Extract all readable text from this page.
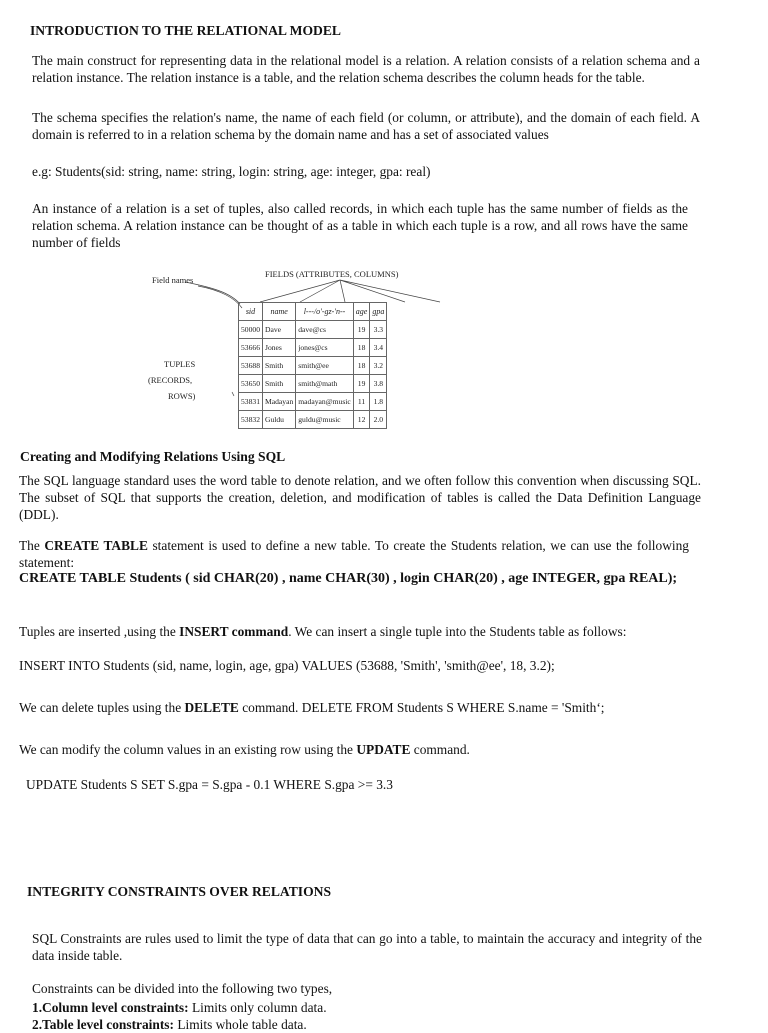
INTRODUCTION TO THE RELATIONAL MODEL
The main construct for representing data in the relational model is a relation. A relation consists of a relation schema and a relation instance. The relation instance is a table, and the relation schema describes the column heads for the table.
The schema specifies the relation's name, the name of each field (or column, or attribute), and the domain of each field. A domain is referred to in a relation schema by the domain name and has a set of associated values
e.g: Students(sid: string, name: string, login: string, age: integer, gpa: real)
An instance of a relation is a set of tuples, also called records, in which each tuple has the same number of fields as the relation schema. A relation instance can be thought of as a table in which each tuple is a row, and all rows have the same number of fields
Field names
FIELDS (ATTRIBUTES, COLUMNS)
TUPLES
(RECORDS,
ROWS)
sid	name	l---/o'-gz-'n--	age	gpa
50000	Dave	dave@cs	19	3.3
53666	Jones	jones@cs	18	3.4
53688	Smith	smith@ee	18	3.2
53650	Smith	smith@math	19	3.8
53831	Madayan	madayan@music	11	1.8
53832	Guldu	guldu@music	12	2.0
Creating and Modifying Relations Using SQL
The SQL language standard uses the word table to denote relation, and we often follow this convention when discussing SQL. The subset of SQL that supports the creation, deletion, and modification of tables is called the Data Definition Language (DDL).
The CREATE TABLE statement is used to define a new table. To create the Students relation, we can use the following statement:
CREATE TABLE Students ( sid CHAR(20) , name CHAR(30) , login CHAR(20) , age INTEGER, gpa REAL);
Tuples are inserted ,using the INSERT command. We can insert a single tuple into the Students table as follows:
INSERT INTO Students (sid, name, login, age, gpa) VALUES (53688, 'Smith', 'smith@ee', 18, 3.2);
We can delete tuples using the DELETE command. DELETE FROM Students S WHERE S.name = 'Smith‘;
We can modify the column values in an existing row using the UPDATE command.
UPDATE Students S SET S.gpa = S.gpa - 0.1 WHERE S.gpa >= 3.3
INTEGRITY CONSTRAINTS OVER RELATIONS
SQL Constraints are rules used to limit the type of data that can go into a table, to maintain the accuracy and integrity of the data inside table.
Constraints can be divided into the following two types,
1.Column level constraints: Limits only column data.
2.Table level constraints: Limits whole table data.
